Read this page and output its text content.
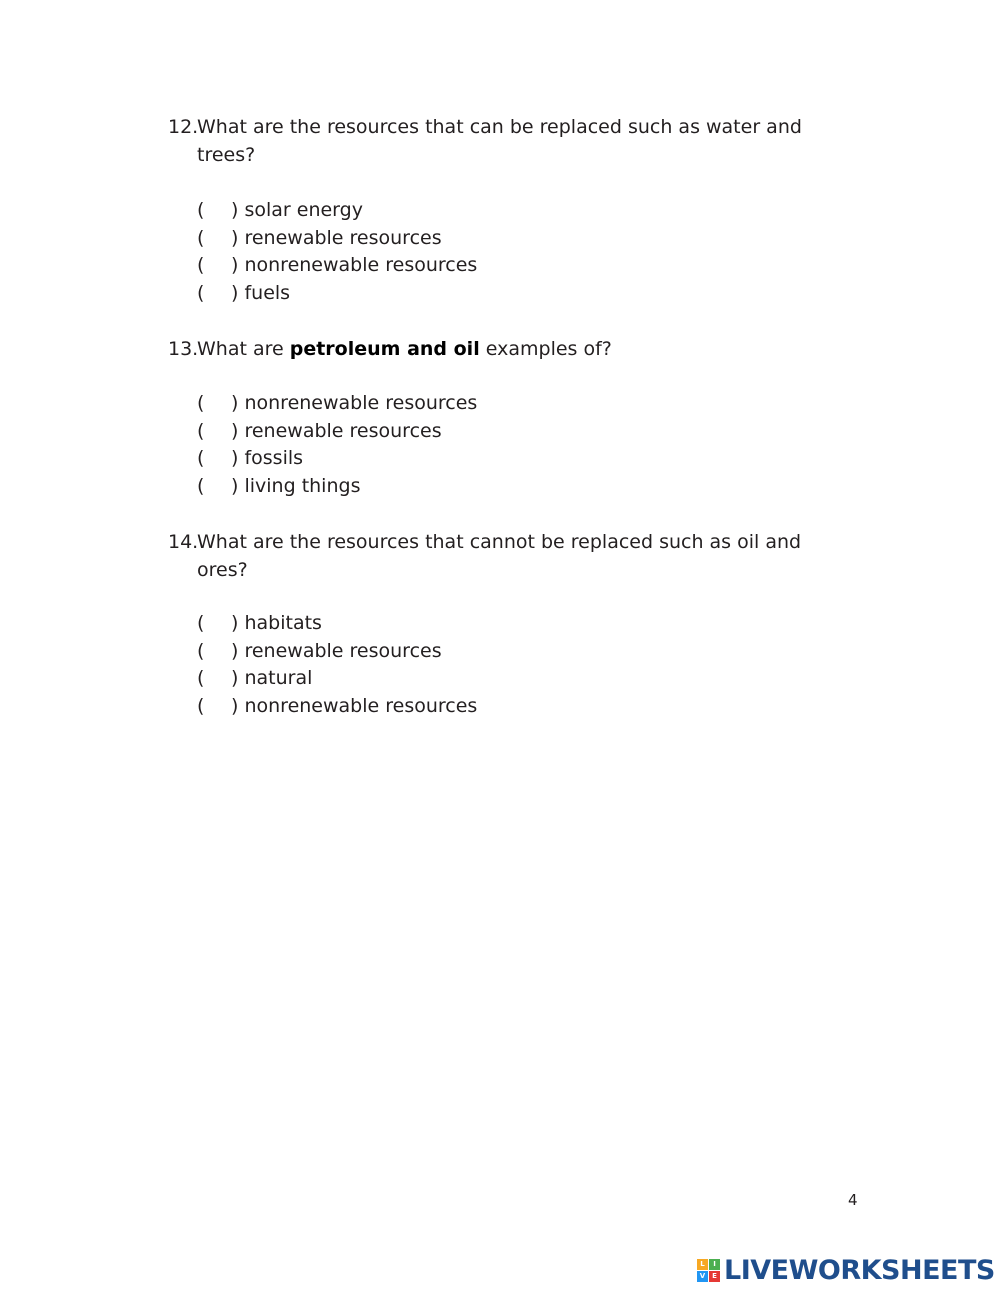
12.
What are the resources that can be replaced such as water and
trees?
(	)
solar energy
(	)
renewable resources
(	)
nonrenewable resources
(	)
fuels
13.
What are petroleum and oil examples of?
(	)
nonrenewable resources
(	)
renewable resources
(	)
fossils
(	)
living things
14.
What are the resources that cannot be replaced such as oil and
ores?
(	)
habitats
(	)
renewable resources
(	)
natural
(	)
nonrenewable resources
4
L	I
V E LIVEWORKSHEETS
